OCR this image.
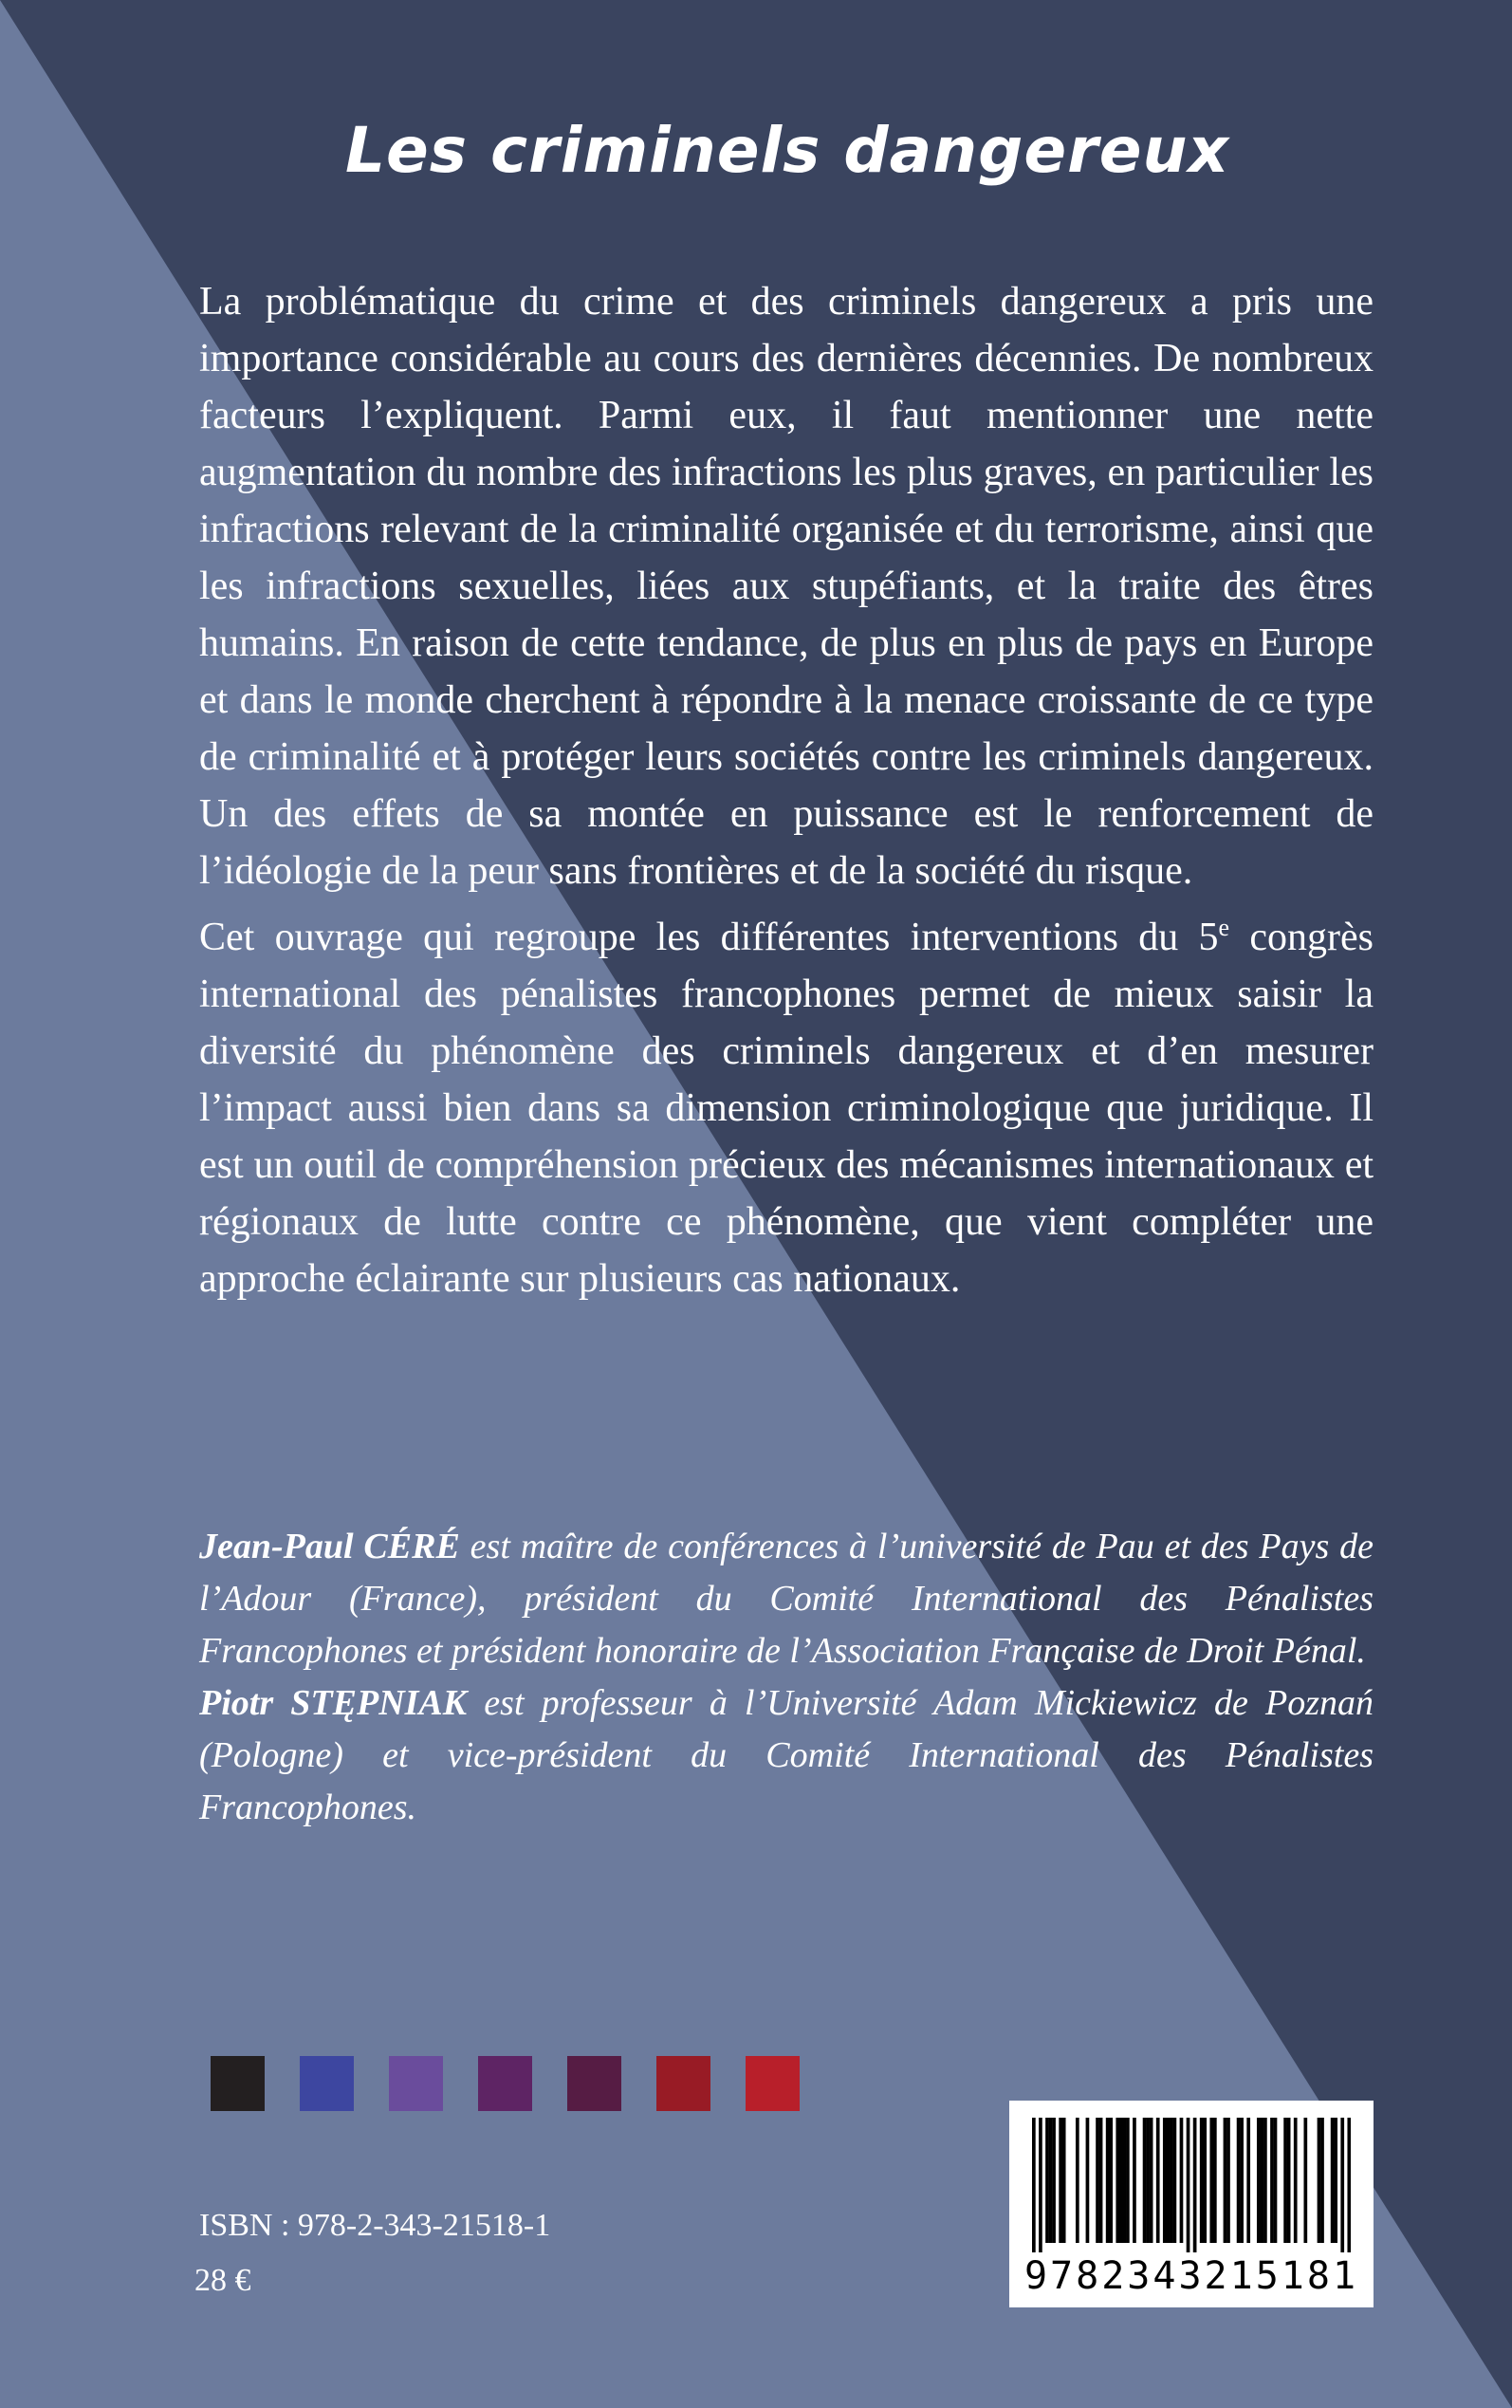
Les criminels dangereux

La problématique du crime et des criminels dangereux a pris une importance considérable au cours des dernières décennies. De nombreux facteurs l’expliquent. Parmi eux, il faut mentionner une nette augmentation du nombre des infractions les plus graves, en particulier les infractions relevant de la criminalité organisée et du terrorisme, ainsi que les infractions sexuelles, liées aux stupéfiants, et la traite des êtres humains. En raison de cette tendance, de plus en plus de pays en Europe et dans le monde cherchent à répondre à la menace croissante de ce type de criminalité et à protéger leurs sociétés contre les criminels dangereux. Un des effets de sa montée en puissance est le renforcement de l’idéologie de la peur sans frontières et de la société du risque.

Cet ouvrage qui regroupe les différentes interventions du 5e congrès international des pénalistes francophones permet de mieux saisir la diversité du phénomène des criminels dangereux et d’en mesurer l’impact aussi bien dans sa dimension criminologique que juridique. Il est un outil de compréhension précieux des mécanismes internationaux et régionaux de lutte contre ce phénomène, que vient compléter une approche éclairante sur plusieurs cas nationaux.

Jean-Paul CÉRÉ est maître de conférences à l’université de Pau et des Pays de l’Adour (France), président du Comité International des Pénalistes Francophones et président honoraire de l’Association Française de Droit Pénal.

Piotr STĘPNIAK est professeur à l’Université Adam Mickiewicz de Poznań (Pologne) et vice-président du Comité International des Pénalistes Francophones.

9782343215181
ISBN : 978-2-343-21518-1
28 €
